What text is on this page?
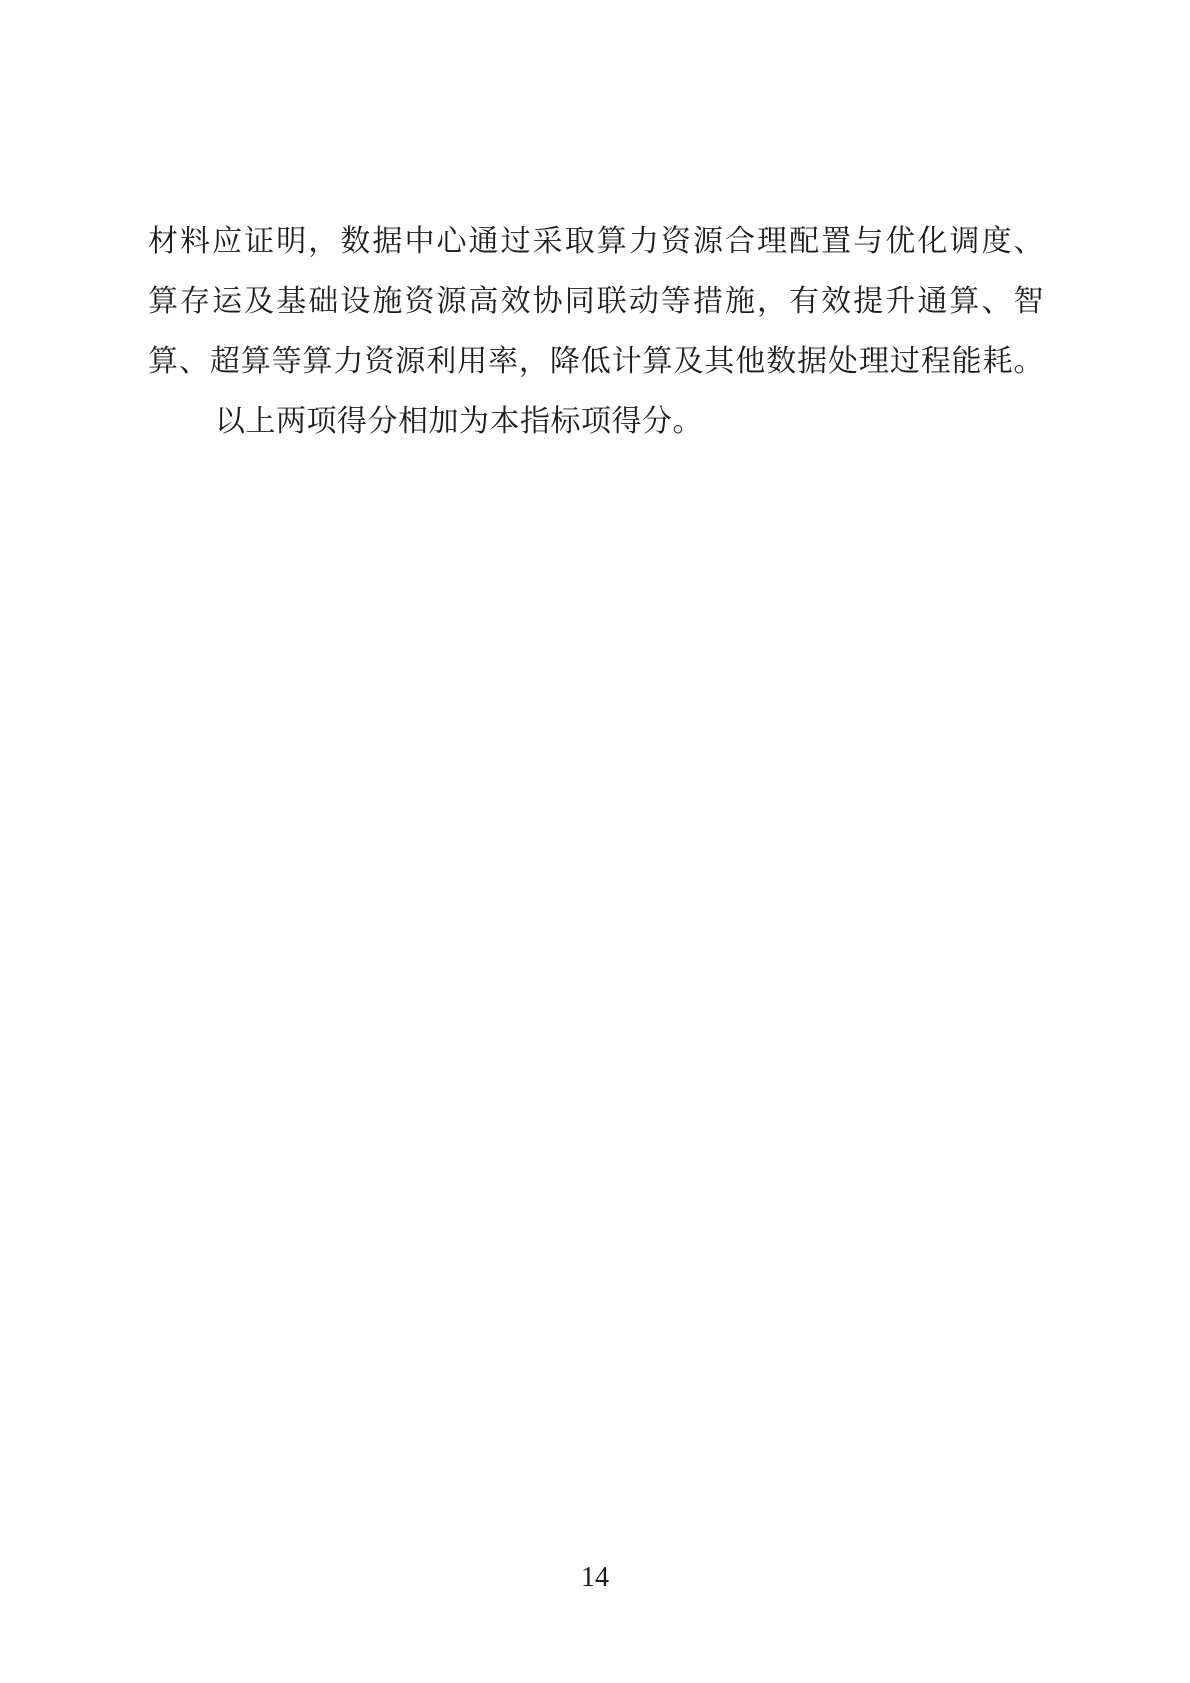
材料应证明，数据中心通过采取算力资源合理配置与优化调度、
算存运及基础设施资源高效协同联动等措施，有效提升通算、智
算、超算等算力资源利用率，降低计算及其他数据处理过程能耗。
以上两项得分相加为本指标项得分。
14
